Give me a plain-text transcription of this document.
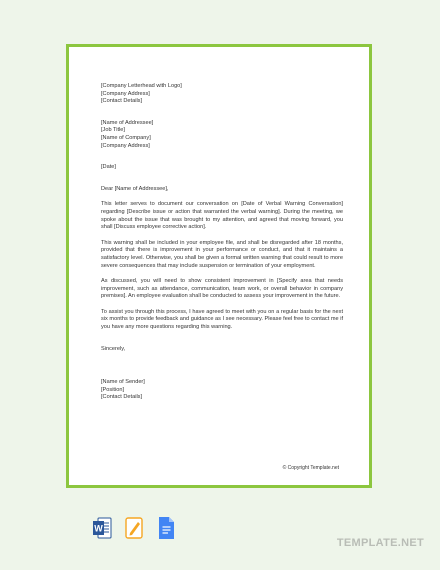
[Company Letterhead with Logo]
[Company Address]
[Contact Details]
[Name of Addressee]
[Job Title]
[Name of Company]
[Company Address]
[Date]
Dear [Name of Addressee],

This letter serves to document our conversation on [Date of Verbal Warning Conversation] regarding [Describe issue or action that warranted the verbal warning]. During the meeting, we spoke about the issue that was brought to my attention, and agreed that moving forward, you shall [Discuss employee corrective action].

This warning shall be included in your employee file, and shall be disregarded after 18 months, provided that there is improvement in your performance or conduct, and that it maintains a satisfactory level. Otherwise, you shall be given a formal written warning that could result to more severe consequences that may include suspension or termination of your employment.

As discussed, you will need to show consistent improvement in [Specify area that needs improvement, such as attendance, communication, team work, or overall behavior in company premises]. An employee evaluation shall be conducted to assess your improvement in the future.

To assist you through this process, I have agreed to meet with you on a regular basis for the next six months to provide feedback and guidance as I see necessary. Please feel free to contact me if you have any more questions regarding this warning.

Sincerely,
[Name of Sender]
[Position]
[Contact Details]
© Copyright Template.net
W
TEMPLATE.NET
